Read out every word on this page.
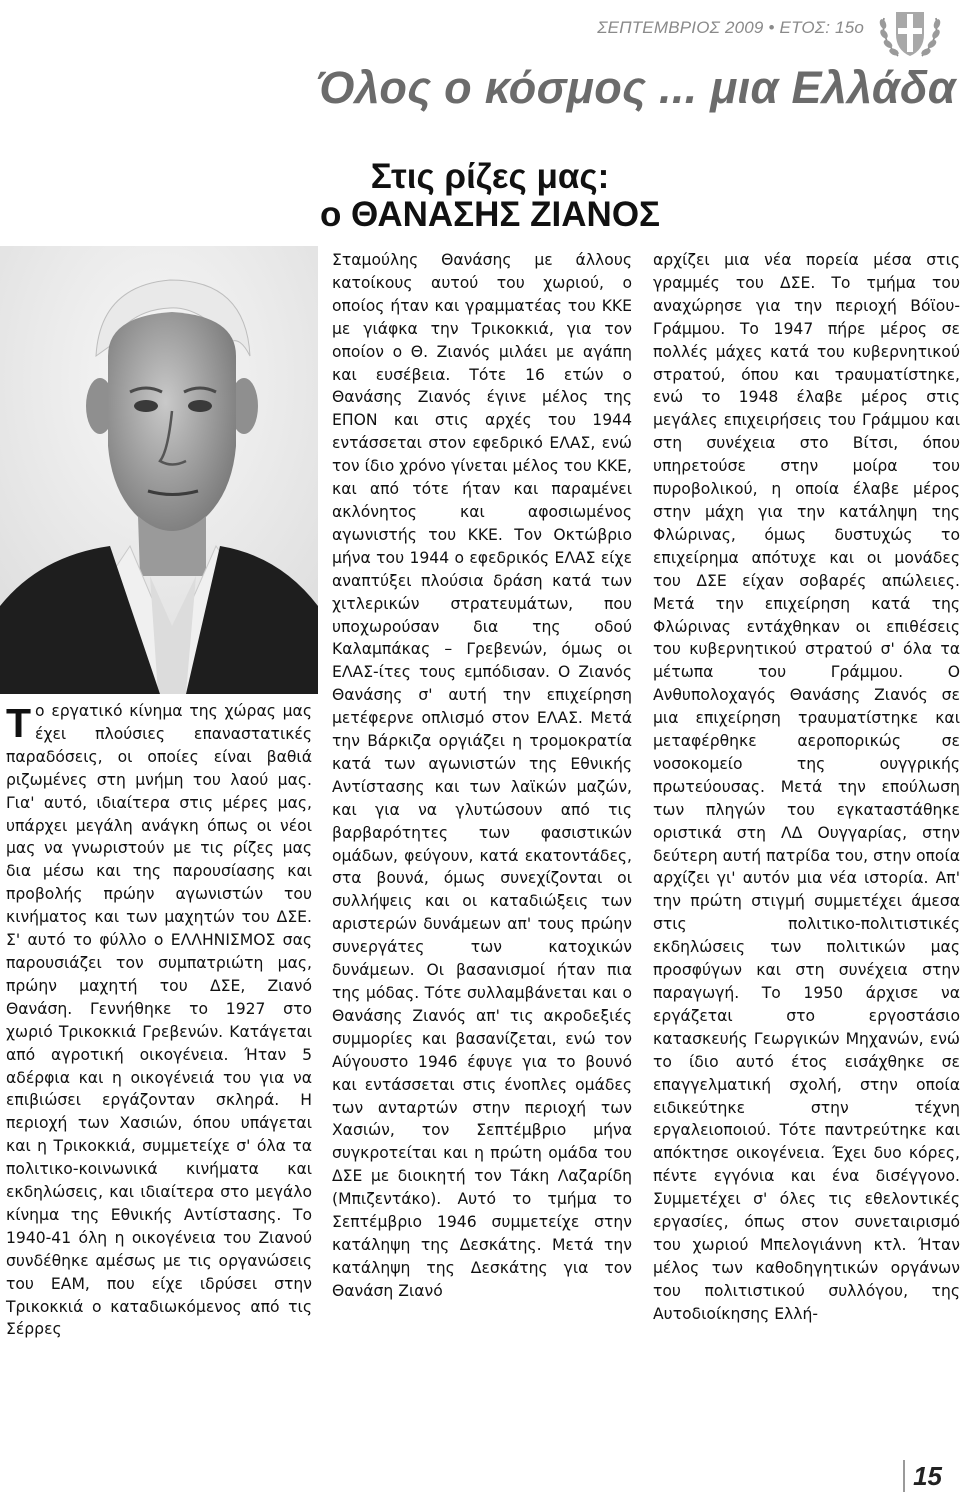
ΣΕΠΤΕΜΒΡΙΟΣ 2009 • ΕΤΟΣ: 15ο
Όλος ο κόσμος ... μια Ελλάδα
Στις ρίζες μας:
ο ΘΑΝΑΣΗΣ ΖΙΑΝΟΣ
Τ ο εργατικό κίνημα της χώρας μας έχει πλούσιες επαναστατικές παραδόσεις, οι οποίες είναι βαθιά ριζωμένες στη μνήμη του λαού μας. Για' αυτό, ιδιαίτερα στις μέρες μας, υπάρχει μεγάλη ανάγκη όπως οι νέοι μας να γνωριστούν με τις ρίζες μας δια μέσω και της παρουσίασης και προβολής πρώην αγωνιστών του κινήματος και των μαχητών του ΔΣΕ. Σ' αυτό το φύλλο ο ΕΛΛΗΝΙΣΜΟΣ σας παρουσιάζει τον συμπατριώτη μας, πρώην μαχητή του ΔΣΕ, Ζιανό Θανάση. Γεννήθηκε το 1927 στο χωριό Τρικοκκιά Γρεβενών. Κατάγεται από αγροτική οικογένεια. Ήταν 5 αδέρφια και η οικογένειά του για να επιβιώσει εργάζονταν σκληρά. Η περιοχή των Χασιών, όπου υπάγεται και η Τρικοκκιά, συμμετείχε σ' όλα τα πολιτικο-κοινωνικά κινήματα και εκδηλώσεις, και ιδιαίτερα στο μεγάλο κίνημα της Εθνικής Αντίστασης. Το 1940-41 όλη η οικογένεια του Ζιανού συνδέθηκε αμέσως με τις οργανώσεις του ΕΑΜ, που είχε ιδρύσει στην Τρικοκκιά ο καταδιωκόμενος από τις Σέρρες

Σταμούλης Θανάσης με άλλους κατοίκους αυτού του χωριού, ο οποίος ήταν και γραμματέας του ΚΚΕ με γιάφκα την Τρικοκκιά, για τον οποίον ο Θ. Ζιανός μιλάει με αγάπη και ευσέβεια. Τότε 16 ετών ο Θανάσης Ζιανός έγινε μέλος της ΕΠΟΝ και στις αρχές του 1944 εντάσσεται στον εφεδρικό ΕΛΑΣ, ενώ τον ίδιο χρόνο γίνεται μέλος του ΚΚΕ, και από τότε ήταν και παραμένει ακλόνητος και αφοσιωμένος αγωνιστής του ΚΚΕ. Τον Οκτώβριο μήνα του 1944 ο εφεδρικός ΕΛΑΣ είχε αναπτύξει πλούσια δράση κατά των χιτλερικών στρατευμάτων, που υποχωρούσαν δια της οδού Καλαμπάκας – Γρεβενών, όμως οι ΕΛΑΣ-ίτες τους εμπόδισαν. Ο Ζιανός Θανάσης σ' αυτή την επιχείρηση μετέφερνε οπλισμό στον ΕΛΑΣ. Μετά την Βάρκιζα οργιάζει η τρομοκρατία κατά των αγωνιστών της Εθνικής Αντίστασης και των λαϊκών μαζών, και για να γλυτώσουν από τις βαρβαρότητες των φασιστικών ομάδων, φεύγουν, κατά εκατοντάδες, στα βουνά, όμως συνεχίζονται οι συλλήψεις και οι καταδιώξεις των αριστερών δυνάμεων απ' τους πρώην συνεργάτες των κατοχικών δυνάμεων. Οι βασανισμοί ήταν πια της μόδας. Τότε συλλαμβάνεται και ο Θανάσης Ζιανός απ' τις ακροδεξιές συμμορίες και βασανίζεται, ενώ τον Αύγουστο 1946 έφυγε για το βουνό και εντάσσεται στις ένοπλες ομάδες των ανταρτών στην περιοχή των Χασιών, τον Σεπτέμβριο μήνα συγκροτείται και η πρώτη ομάδα του ΔΣΕ με διοικητή τον Τάκη Λαζαρίδη (Μπιζεντάκο). Αυτό το τμήμα το Σεπτέμβριο 1946 συμμετείχε στην κατάληψη της Δεσκάτης. Μετά την κατάληψη της Δεσκάτης για τον Θανάση Ζιανό

αρχίζει μια νέα πορεία μέσα στις γραμμές του ΔΣΕ. Το τμήμα του αναχώρησε για την περιοχή Βόϊου-Γράμμου. Το 1947 πήρε μέρος σε πολλές μάχες κατά του κυβερνητικού στρατού, όπου και τραυματίστηκε, ενώ το 1948 έλαβε μέρος στις μεγάλες επιχειρήσεις του Γράμμου και στη συνέχεια στο Βίτσι, όπου υπηρετούσε στην μοίρα του πυροβολικού, η οποία έλαβε μέρος στην μάχη για την κατάληψη της Φλώρινας, όμως δυστυχώς το επιχείρημα απότυχε και οι μονάδες του ΔΣΕ είχαν σοβαρές απώλειες. Μετά την επιχείρηση κατά της Φλώρινας εντάχθηκαν οι επιθέσεις του κυβερνητικού στρατού σ' όλα τα μέτωπα του Γράμμου. Ο Ανθυπολοχαγός Θανάσης Ζιανός σε μια επιχείρηση τραυματίστηκε και μεταφέρθηκε αεροπορικώς σε νοσοκομείο της ουγγρικής πρωτεύουσας. Μετά την επούλωση των πληγών του εγκαταστάθηκε οριστικά στη ΛΔ Ουγγαρίας, στην δεύτερη αυτή πατρίδα του, στην οποία αρχίζει γι' αυτόν μια νέα ιστορία. Απ' την πρώτη στιγμή συμμετέχει άμεσα στις πολιτικο-πολιτιστικές εκδηλώσεις των πολιτικών μας προσφύγων και στη συνέχεια στην παραγωγή. Το 1950 άρχισε να εργάζεται στο εργοστάσιο κατασκευής Γεωργικών Μηχανών, ενώ το ίδιο αυτό έτος εισάχθηκε σε επαγγελματική σχολή, στην οποία ειδικεύτηκε στην τέχνη εργαλειοποιού. Τότε παντρεύτηκε και απόκτησε οικογένεια. Έχει δυο κόρες, πέντε εγγόνια και ένα δισέγγονο. Συμμετέχει σ' όλες τις εθελοντικές εργασίες, όπως στον συνεταιρισμό του χωριού Μπελογιάννη κτλ. Ήταν μέλος των καθοδηγητικών οργάνων του πολιτιστικού συλλόγου, της Αυτοδιοίκησης Ελλή-

15
